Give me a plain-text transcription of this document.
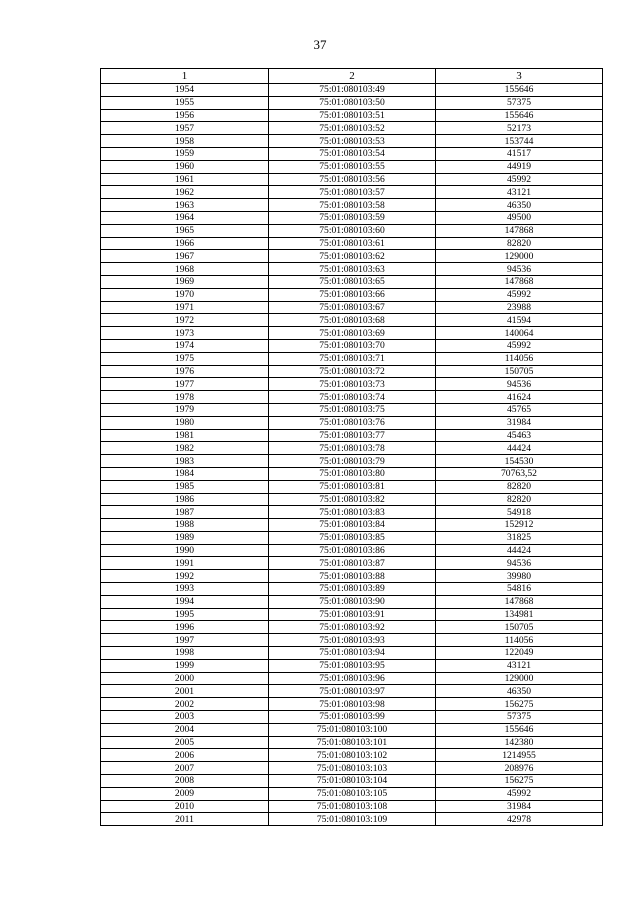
37
1	2	3
1954	75:01:080103:49	155646
1955	75:01:080103:50	57375
1956	75:01:080103:51	155646
1957	75:01:080103:52	52173
1958	75:01:080103:53	153744
1959	75:01:080103:54	41517
1960	75:01:080103:55	44919
1961	75:01:080103:56	45992
1962	75:01:080103:57	43121
1963	75:01:080103:58	46350
1964	75:01:080103:59	49500
1965	75:01:080103:60	147868
1966	75:01:080103:61	82820
1967	75:01:080103:62	129000
1968	75:01:080103:63	94536
1969	75:01:080103:65	147868
1970	75:01:080103:66	45992
1971	75:01:080103:67	23988
1972	75:01:080103:68	41594
1973	75:01:080103:69	140064
1974	75:01:080103:70	45992
1975	75:01:080103:71	114056
1976	75:01:080103:72	150705
1977	75:01:080103:73	94536
1978	75:01:080103:74	41624
1979	75:01:080103:75	45765
1980	75:01:080103:76	31984
1981	75:01:080103:77	45463
1982	75:01:080103:78	44424
1983	75:01:080103:79	154530
1984	75:01:080103:80	70763,52
1985	75:01:080103:81	82820
1986	75:01:080103:82	82820
1987	75:01:080103:83	54918
1988	75:01:080103:84	152912
1989	75:01:080103:85	31825
1990	75:01:080103:86	44424
1991	75:01:080103:87	94536
1992	75:01:080103:88	39980
1993	75:01:080103:89	54816
1994	75:01:080103:90	147868
1995	75:01:080103:91	134981
1996	75:01:080103:92	150705
1997	75:01:080103:93	114056
1998	75:01:080103:94	122049
1999	75:01:080103:95	43121
2000	75:01:080103:96	129000
2001	75:01:080103:97	46350
2002	75:01:080103:98	156275
2003	75:01:080103:99	57375
2004	75:01:080103:100	155646
2005	75:01:080103:101	142380
2006	75:01:080103:102	1214955
2007	75:01:080103:103	208976
2008	75:01:080103:104	156275
2009	75:01:080103:105	45992
2010	75:01:080103:108	31984
2011	75:01:080103:109	42978
